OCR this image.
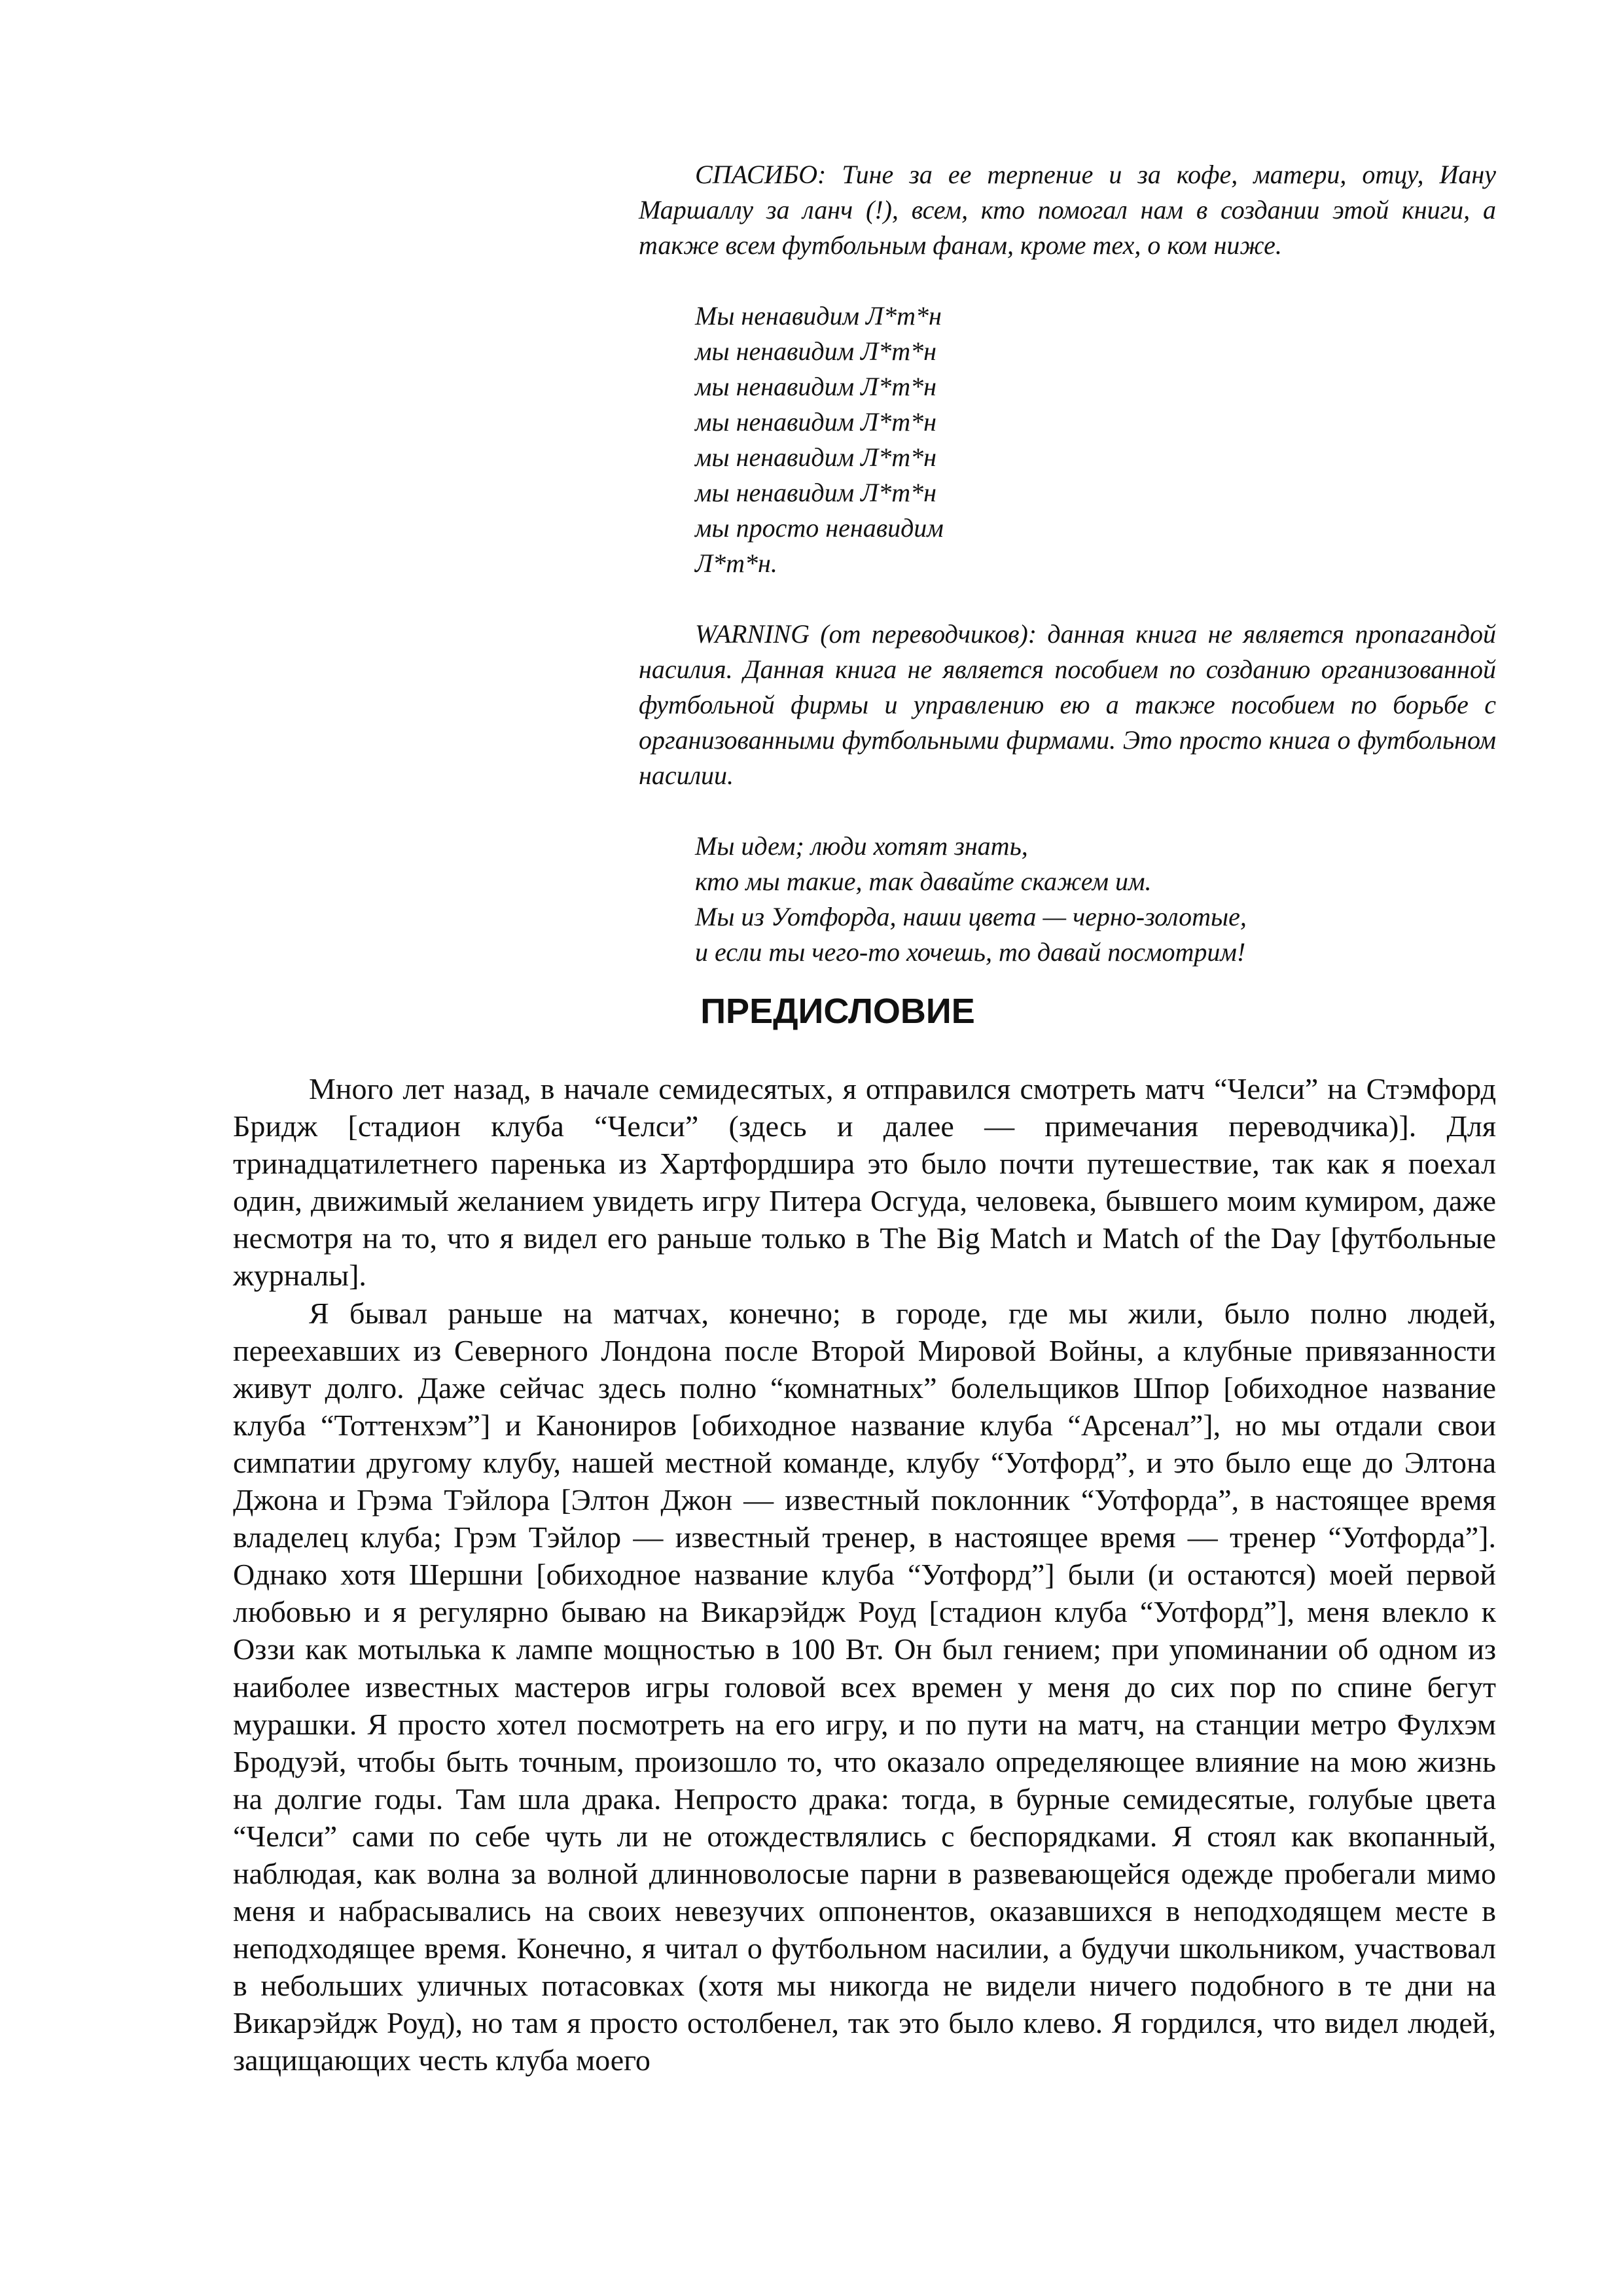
СПАСИБО: Тине за ее терпение и за кофе, матери, отцу, Иану Маршаллу за ланч (!), всем, кто помогал нам в создании этой книги, а также всем футбольным фанам, кроме тех, о ком ниже.

Мы ненавидим Л*т*н
мы ненавидим Л*т*н
мы ненавидим Л*т*н
мы ненавидим Л*т*н
мы ненавидим Л*т*н
мы ненавидим Л*т*н
мы просто ненавидим
Л*т*н.

WARNING (от переводчиков): данная книга не является пропагандой насилия. Данная книга не является пособием по созданию организованной футбольной фирмы и управлению ею а также пособием по борьбе с организованными футбольными фирмами. Это просто книга о футбольном насилии.

Мы идем; люди хотят знать,
кто мы такие, так давайте скажем им.
Мы из Уотфорда, наши цвета — черно-золотые,
и если ты чего-то хочешь, то давай посмотрим!
ПРЕДИСЛОВИЕ

Много лет назад, в начале семидесятых, я отправился смотреть матч “Челси” на Стэмфорд Бридж [стадион клуба “Челси” (здесь и далее — примечания переводчика)]. Для тринадцатилетнего паренька из Хартфордшира это было почти путешествие, так как я поехал один, движимый желанием увидеть игру Питера Осгуда, человека, бывшего моим кумиром, даже несмотря на то, что я видел его раньше только в The Big Match и Match of the Day [футбольные журналы].

Я бывал раньше на матчах, конечно; в городе, где мы жили, было полно людей, переехавших из Северного Лондона после Второй Мировой Войны, а клубные привязанности живут долго. Даже сейчас здесь полно “комнатных” болельщиков Шпор [обиходное название клуба “Тоттенхэм”] и Канониров [обиходное название клуба “Арсенал”], но мы отдали свои симпатии другому клубу, нашей местной команде, клубу “Уотфорд”, и это было еще до Элтона Джона и Грэма Тэйлора [Элтон Джон — известный поклонник “Уотфорда”, в настоящее время владелец клуба; Грэм Тэйлор — известный тренер, в настоящее время — тренер “Уотфорда”]. Однако хотя Шершни [обиходное название клуба “Уотфорд”] были (и остаются) моей первой любовью и я регулярно бываю на Викарэйдж Роуд [стадион клуба “Уотфорд”], меня влекло к Оззи как мотылька к лампе мощностью в 100 Вт. Он был гением; при упоминании об одном из наиболее известных мастеров игры головой всех времен у меня до сих пор по спине бегут мурашки. Я просто хотел посмотреть на его игру, и по пути на матч, на станции метро Фулхэм Бродуэй, чтобы быть точным, произошло то, что оказало определяющее влияние на мою жизнь на долгие годы. Там шла драка. Непросто драка: тогда, в бурные семидесятые, голубые цвета “Челси” сами по себе чуть ли не отождествлялись с беспорядками. Я стоял как вкопанный, наблюдая, как волна за волной длинноволосые парни в развевающейся одежде пробегали мимо меня и набрасывались на своих невезучих оппонентов, оказавшихся в неподходящем месте в неподходящее время. Конечно, я читал о футбольном насилии, а будучи школьником, участвовал в небольших уличных потасовках (хотя мы никогда не видели ничего подобного в те дни на Викарэйдж Роуд), но там я просто остолбенел, так это было клево. Я гордился, что видел людей, защищающих честь клуба моего
